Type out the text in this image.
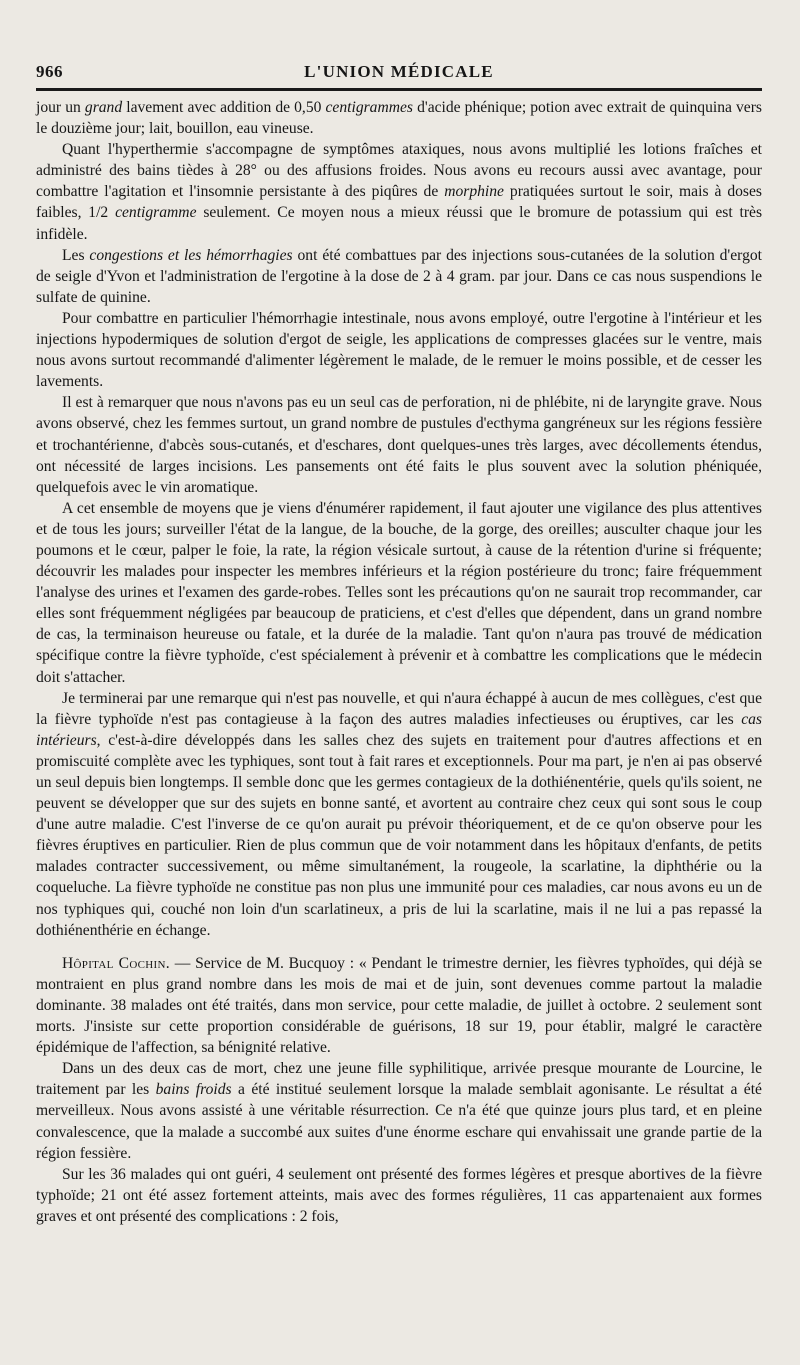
966	L'UNION MÉDICALE

jour un grand lavement avec addition de 0,50 centigrammes d'acide phénique; potion avec extrait de quinquina vers le douzième jour; lait, bouillon, eau vineuse.

Quant l'hyperthermie s'accompagne de symptômes ataxiques, nous avons multiplié les lotions fraîches et administré des bains tièdes à 28° ou des affusions froides. Nous avons eu recours aussi avec avantage, pour combattre l'agitation et l'insomnie persistante à des piqûres de morphine pratiquées surtout le soir, mais à doses faibles, 1/2 centigramme seulement. Ce moyen nous a mieux réussi que le bromure de potassium qui est très infidèle.

Les congestions et les hémorrhagies ont été combattues par des injections sous-cutanées de la solution d'ergot de seigle d'Yvon et l'administration de l'ergotine à la dose de 2 à 4 gram. par jour. Dans ce cas nous suspendions le sulfate de quinine.

Pour combattre en particulier l'hémorrhagie intestinale, nous avons employé, outre l'ergotine à l'intérieur et les injections hypodermiques de solution d'ergot de seigle, les applications de compresses glacées sur le ventre, mais nous avons surtout recommandé d'alimenter légèrement le malade, de le remuer le moins possible, et de cesser les lavements.

Il est à remarquer que nous n'avons pas eu un seul cas de perforation, ni de phlébite, ni de laryngite grave. Nous avons observé, chez les femmes surtout, un grand nombre de pustules d'ecthyma gangréneux sur les régions fessière et trochantérienne, d'abcès sous-cutanés, et d'eschares, dont quelques-unes très larges, avec décollements étendus, ont nécessité de larges incisions. Les pansements ont été faits le plus souvent avec la solution phéniquée, quelquefois avec le vin aromatique.

A cet ensemble de moyens que je viens d'énumérer rapidement, il faut ajouter une vigilance des plus attentives et de tous les jours; surveiller l'état de la langue, de la bouche, de la gorge, des oreilles; ausculter chaque jour les poumons et le cœur, palper le foie, la rate, la région vésicale surtout, à cause de la rétention d'urine si fréquente; découvrir les malades pour inspecter les membres inférieurs et la région postérieure du tronc; faire fréquemment l'analyse des urines et l'examen des garde-robes. Telles sont les précautions qu'on ne saurait trop recommander, car elles sont fréquemment négligées par beaucoup de praticiens, et c'est d'elles que dépendent, dans un grand nombre de cas, la terminaison heureuse ou fatale, et la durée de la maladie. Tant qu'on n'aura pas trouvé de médication spécifique contre la fièvre typhoïde, c'est spécialement à prévenir et à combattre les complications que le médecin doit s'attacher.

Je terminerai par une remarque qui n'est pas nouvelle, et qui n'aura échappé à aucun de mes collègues, c'est que la fièvre typhoïde n'est pas contagieuse à la façon des autres maladies infectieuses ou éruptives, car les cas intérieurs, c'est-à-dire développés dans les salles chez des sujets en traitement pour d'autres affections et en promiscuité complète avec les typhiques, sont tout à fait rares et exceptionnels. Pour ma part, je n'en ai pas observé un seul depuis bien longtemps. Il semble donc que les germes contagieux de la dothiénentérie, quels qu'ils soient, ne peuvent se développer que sur des sujets en bonne santé, et avortent au contraire chez ceux qui sont sous le coup d'une autre maladie. C'est l'inverse de ce qu'on aurait pu prévoir théoriquement, et de ce qu'on observe pour les fièvres éruptives en particulier. Rien de plus commun que de voir notamment dans les hôpitaux d'enfants, de petits malades contracter successivement, ou même simultanément, la rougeole, la scarlatine, la diphthérie ou la coqueluche. La fièvre typhoïde ne constitue pas non plus une immunité pour ces maladies, car nous avons eu un de nos typhiques qui, couché non loin d'un scarlatineux, a pris de lui la scarlatine, mais il ne lui a pas repassé la dothiénenthérie en échange.

Hôpital Cochin. — Service de M. Bucquoy : « Pendant le trimestre dernier, les fièvres typhoïdes, qui déjà se montraient en plus grand nombre dans les mois de mai et de juin, sont devenues comme partout la maladie dominante. 38 malades ont été traités, dans mon service, pour cette maladie, de juillet à octobre. 2 seulement sont morts. J'insiste sur cette proportion considérable de guérisons, 18 sur 19, pour établir, malgré le caractère épidémique de l'affection, sa bénignité relative.

Dans un des deux cas de mort, chez une jeune fille syphilitique, arrivée presque mourante de Lourcine, le traitement par les bains froids a été institué seulement lorsque la malade semblait agonisante. Le résultat a été merveilleux. Nous avons assisté à une véritable résurrection. Ce n'a été que quinze jours plus tard, et en pleine convalescence, que la malade a succombé aux suites d'une énorme eschare qui envahissait une grande partie de la région fessière.

Sur les 36 malades qui ont guéri, 4 seulement ont présenté des formes légères et presque abortives de la fièvre typhoïde; 21 ont été assez fortement atteints, mais avec des formes régulières, 11 cas appartenaient aux formes graves et ont présenté des complications : 2 fois,
